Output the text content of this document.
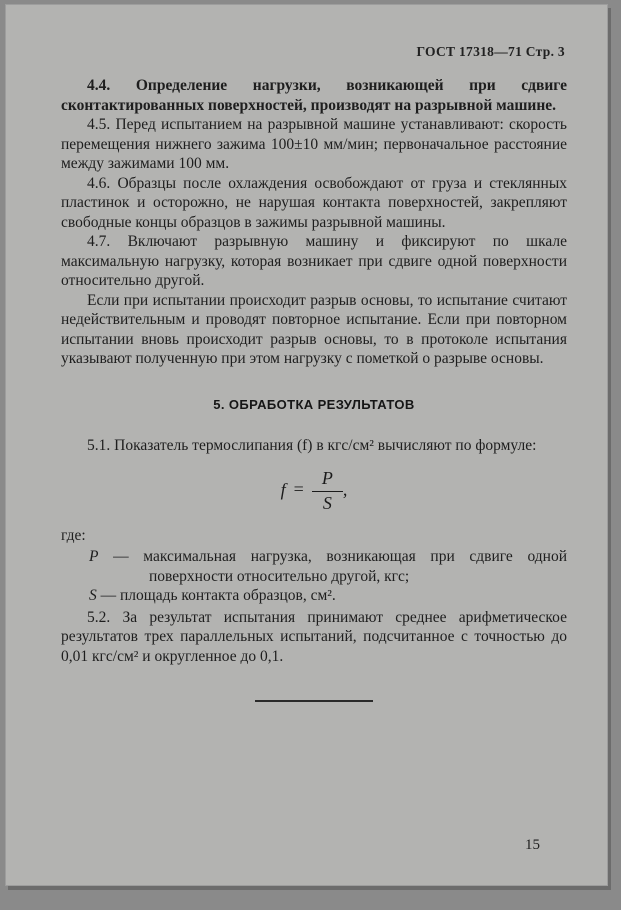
ГОСТ 17318—71 Стр. 3

4.4. Определение нагрузки, возникающей при сдвиге сконтактированных поверхностей, производят на разрывной машине.

4.5. Перед испытанием на разрывной машине устанавливают: скорость перемещения нижнего зажима 100±10 мм/мин; первоначальное расстояние между зажимами 100 мм.

4.6. Образцы после охлаждения освобождают от груза и стеклянных пластинок и осторожно, не нарушая контакта поверхностей, закрепляют свободные концы образцов в зажимы разрывной машины.

4.7. Включают разрывную машину и фиксируют по шкале максимальную нагрузку, которая возникает при сдвиге одной поверхности относительно другой.

Если при испытании происходит разрыв основы, то испытание считают недействительным и проводят повторное испытание. Если при повторном испытании вновь происходит разрыв основы, то в протоколе испытания указывают полученную при этом нагрузку с пометкой о разрыве основы.

5. ОБРАБОТКА РЕЗУЛЬТАТОВ

5.1. Показатель термослипания (f) в кгс/см² вычисляют по формуле:

$f = \frac{P}{S}$ ,

где:

P — максимальная нагрузка, возникающая при сдвиге одной поверхности относительно другой, кгс;

S — площадь контакта образцов, см².

5.2. За результат испытания принимают среднее арифметическое результатов трех параллельных испытаний, подсчитанное с точностью до 0,01 кгс/см² и округленное до 0,1.

15
